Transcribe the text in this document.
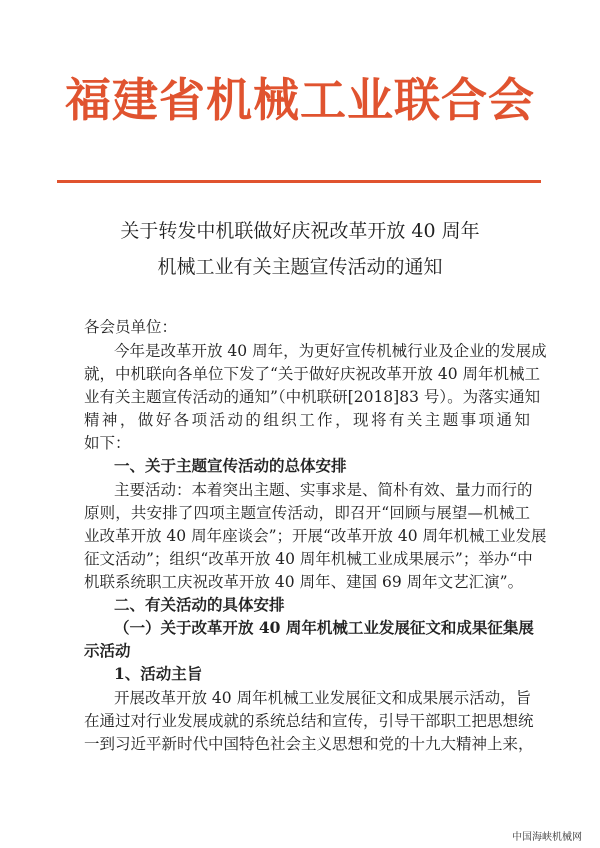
福建省机械工业联合会
关于转发中机联做好庆祝改革开放 40 周年
机械工业有关主题宣传活动的通知
各会员单位：
今年是改革开放 40 周年，为更好宣传机械行业及企业的发展成
就，中机联向各单位下发了“关于做好庆祝改革开放 40 周年机械工
业有关主题宣传活动的通知”（中机联研[2018]83 号）。为落实通知
精神，做好各项活动的组织工作，现将有关主题事项通知
如下：
一、关于主题宣传活动的总体安排
主要活动：本着突出主题、实事求是、简朴有效、量力而行的
原则，共安排了四项主题宣传活动，即召开“回顾与展望—机械工
业改革开放 40 周年座谈会”；开展“改革开放 40 周年机械工业发展
征文活动”；组织“改革开放 40 周年机械工业成果展示”；举办“中
机联系统职工庆祝改革开放 40 周年、建国 69 周年文艺汇演”。
二、有关活动的具体安排
（一）关于改革开放 40 周年机械工业发展征文和成果征集展
示活动
1、活动主旨
开展改革开放 40 周年机械工业发展征文和成果展示活动，旨
在通过对行业发展成就的系统总结和宣传，引导干部职工把思想统
一到习近平新时代中国特色社会主义思想和党的十九大精神上来，
中国海峡机械网
